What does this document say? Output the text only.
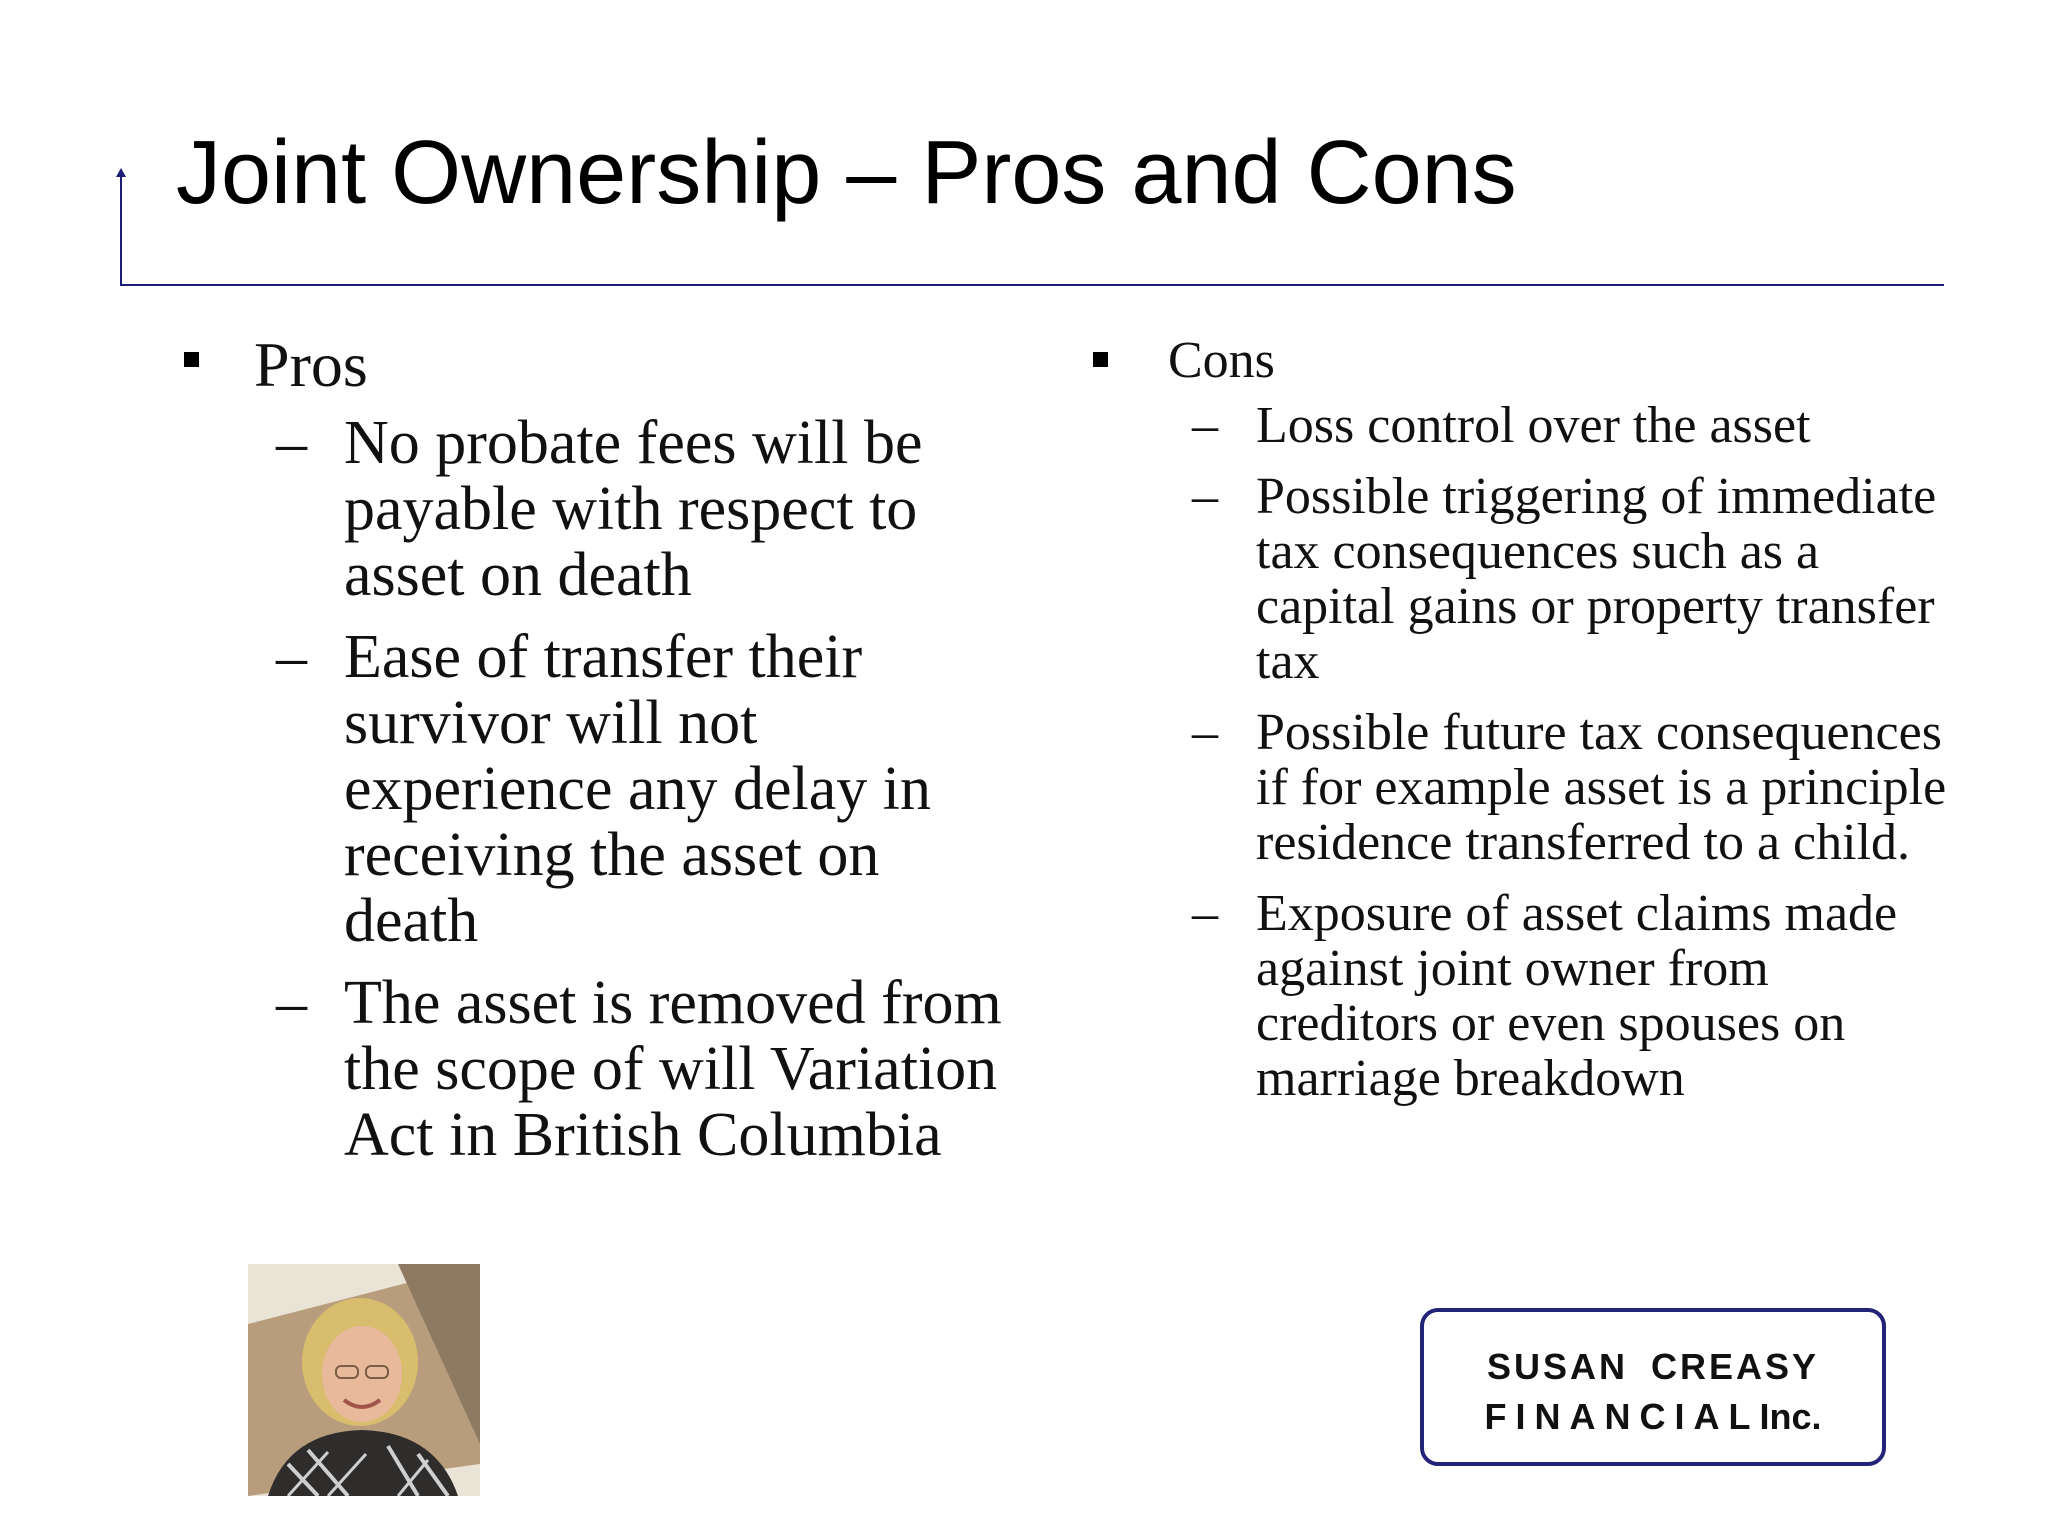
Joint Ownership – Pros and Cons
Pros
– No probate fees will be payable with respect to asset on death
– Ease of transfer their survivor will not experience any delay in receiving the asset on death
– The asset is removed from the scope of will Variation Act in British Columbia
Cons
– Loss control over the asset
– Possible triggering of immediate tax consequences such as a capital gains or property transfer tax
– Possible future tax consequences if for example asset is a principle residence transferred to a child.
– Exposure of asset claims made against joint owner from creditors or even spouses on marriage breakdown
SUSAN CREASY
FINANCIALInc.
